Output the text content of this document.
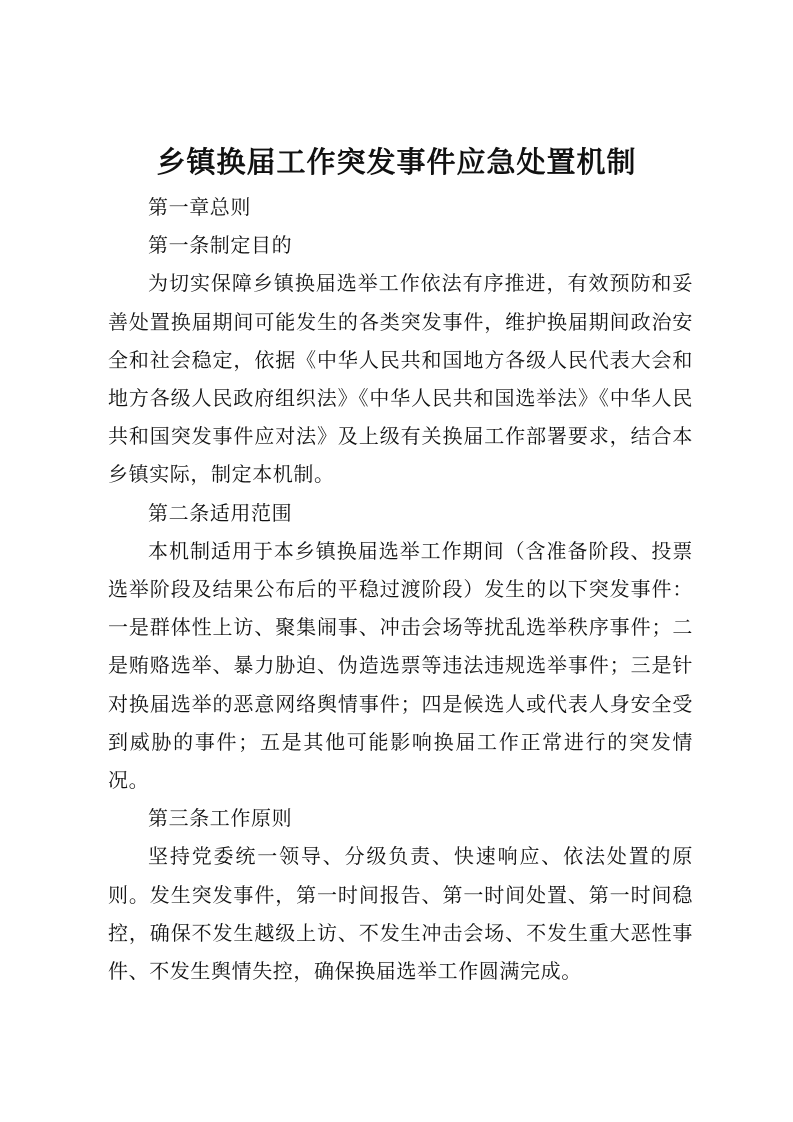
乡镇换届工作突发事件应急处置机制

第一章总则

第一条制定目的

为切实保障乡镇换届选举工作依法有序推进，有效预防和妥善处置换届期间可能发生的各类突发事件，维护换届期间政治安全和社会稳定，依据《中华人民共和国地方各级人民代表大会和地方各级人民政府组织法》《中华人民共和国选举法》《中华人民共和国突发事件应对法》及上级有关换届工作部署要求，结合本乡镇实际，制定本机制。

第二条适用范围

本机制适用于本乡镇换届选举工作期间（含准备阶段、投票选举阶段及结果公布后的平稳过渡阶段）发生的以下突发事件：一是群体性上访、聚集闹事、冲击会场等扰乱选举秩序事件；二是贿赂选举、暴力胁迫、伪造选票等违法违规选举事件；三是针对换届选举的恶意网络舆情事件；四是候选人或代表人身安全受到威胁的事件；五是其他可能影响换届工作正常进行的突发情况。

第三条工作原则

坚持党委统一领导、分级负责、快速响应、依法处置的原则。发生突发事件，第一时间报告、第一时间处置、第一时间稳控，确保不发生越级上访、不发生冲击会场、不发生重大恶性事件、不发生舆情失控，确保换届选举工作圆满完成。
